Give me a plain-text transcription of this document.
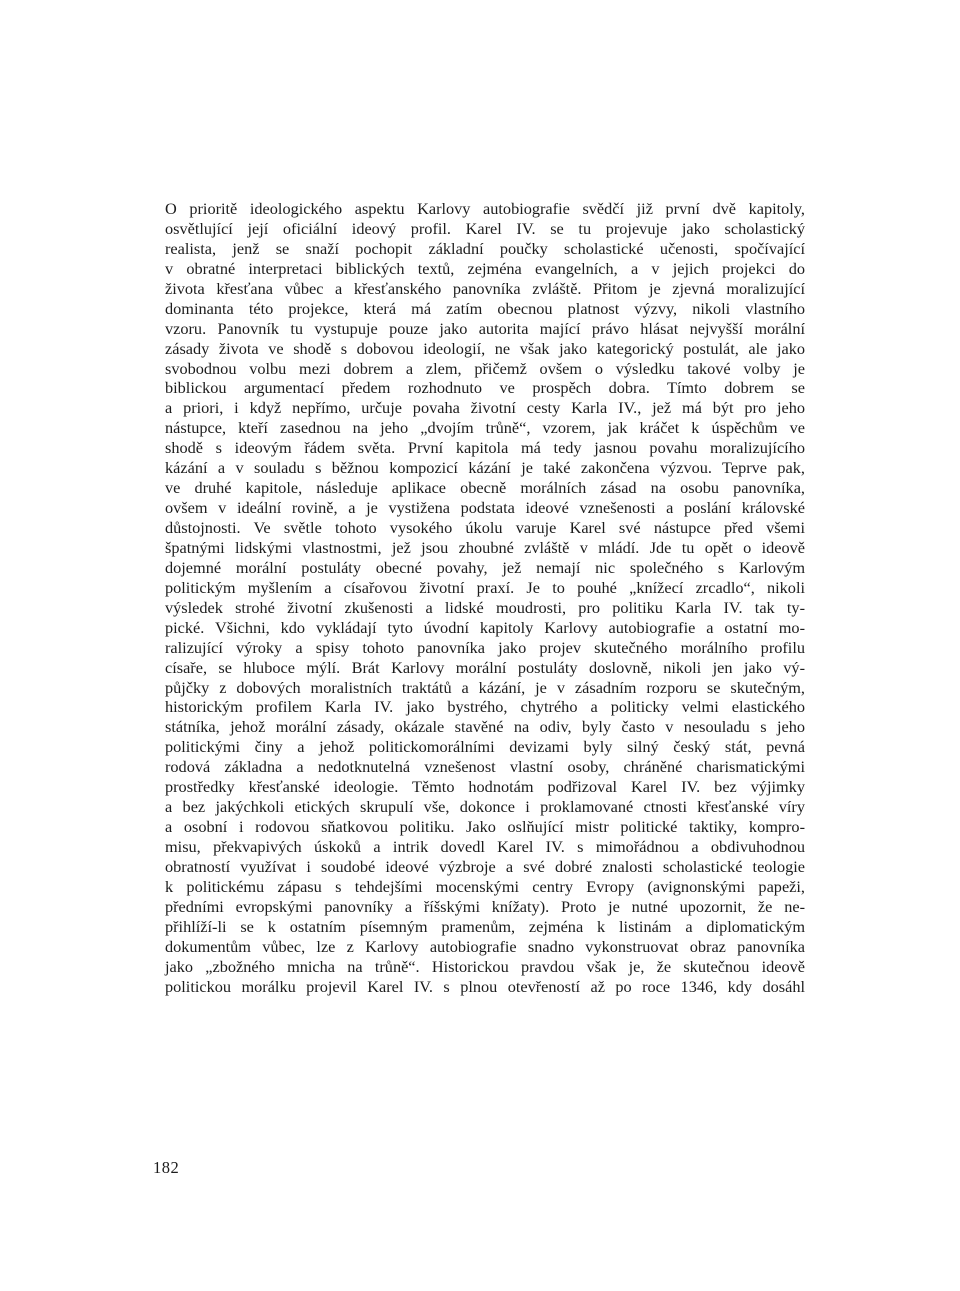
O prioritě ideologického aspektu Karlovy autobiografie svědčí již první dvě kapitoly,
osvětlující její oficiální ideový profil. Karel IV. se tu projevuje jako scholastický
realista, jenž se snaží pochopit základní poučky scholastické učenosti, spočívající
v obratné interpretaci biblických textů, zejména evangelních, a v jejich projekci do
života křesťana vůbec a křesťanského panovníka zvláště. Přitom je zjevná moralizující
dominanta této projekce, která má zatím obecnou platnost výzvy, nikoli vlastního
vzoru. Panovník tu vystupuje pouze jako autorita mající právo hlásat nejvyšší morální
zásady života ve shodě s dobovou ideologií, ne však jako kategorický postulát, ale jako
svobodnou volbu mezi dobrem a zlem, přičemž ovšem o výsledku takové volby je
biblickou argumentací předem rozhodnuto ve prospěch dobra. Tímto dobrem se
a priori, i když nepřímo, určuje povaha životní cesty Karla IV., jež má být pro jeho
nástupce, kteří zasednou na jeho „dvojím trůně“, vzorem, jak kráčet k úspěchům ve
shodě s ideovým řádem světa. První kapitola má tedy jasnou povahu moralizujícího
kázání a v souladu s běžnou kompozicí kázání je také zakončena výzvou. Teprve pak,
ve druhé kapitole, následuje aplikace obecně morálních zásad na osobu panovníka,
ovšem v ideální rovině, a je vystižena podstata ideové vznešenosti a poslání královské
důstojnosti. Ve světle tohoto vysokého úkolu varuje Karel své nástupce před všemi
špatnými lidskými vlastnostmi, jež jsou zhoubné zvláště v mládí. Jde tu opět o ideově
dojemné morální postuláty obecné povahy, jež nemají nic společného s Karlovým
politickým myšlením a císařovou životní praxí. Je to pouhé „knížecí zrcadlo“, nikoli
výsledek strohé životní zkušenosti a lidské moudrosti, pro politiku Karla IV. tak ty-
pické. Všichni, kdo vykládají tyto úvodní kapitoly Karlovy autobiografie a ostatní mo-
ralizující výroky a spisy tohoto panovníka jako projev skutečného morálního profilu
císaře, se hluboce mýlí. Brát Karlovy morální postuláty doslovně, nikoli jen jako vý-
půjčky z dobových moralistních traktátů a kázání, je v zásadním rozporu se skutečným,
historickým profilem Karla IV. jako bystrého, chytrého a politicky velmi elastického
státníka, jehož morální zásady, okázale stavěné na odiv, byly často v nesouladu s jeho
politickými činy a jehož politickomorálními devizami byly silný český stát, pevná
rodová základna a nedotknutelná vznešenost vlastní osoby, chráněné charismatickými
prostředky křesťanské ideologie. Těmto hodnotám podřizoval Karel IV. bez výjimky
a bez jakýchkoli etických skrupulí vše, dokonce i proklamované ctnosti křesťanské víry
a osobní i rodovou sňatkovou politiku. Jako oslňující mistr politické taktiky, kompro-
misu, překvapivých úskoků a intrik dovedl Karel IV. s mimořádnou a obdivuhodnou
obratností využívat i soudobé ideové výzbroje a své dobré znalosti scholastické teologie
k politickému zápasu s tehdejšími mocenskými centry Evropy (avignonskými papeži,
předními evropskými panovníky a říšskými knížaty). Proto je nutné upozornit, že ne-
přihlíží-li se k ostatním písemným pramenům, zejména k listinám a diplomatickým
dokumentům vůbec, lze z Karlovy autobiografie snadno vykonstruovat obraz panovníka
jako „zbožného mnicha na trůně“. Historickou pravdou však je, že skutečnou ideově
politickou morálku projevil Karel IV. s plnou otevřeností až po roce 1346, kdy dosáhl
182
